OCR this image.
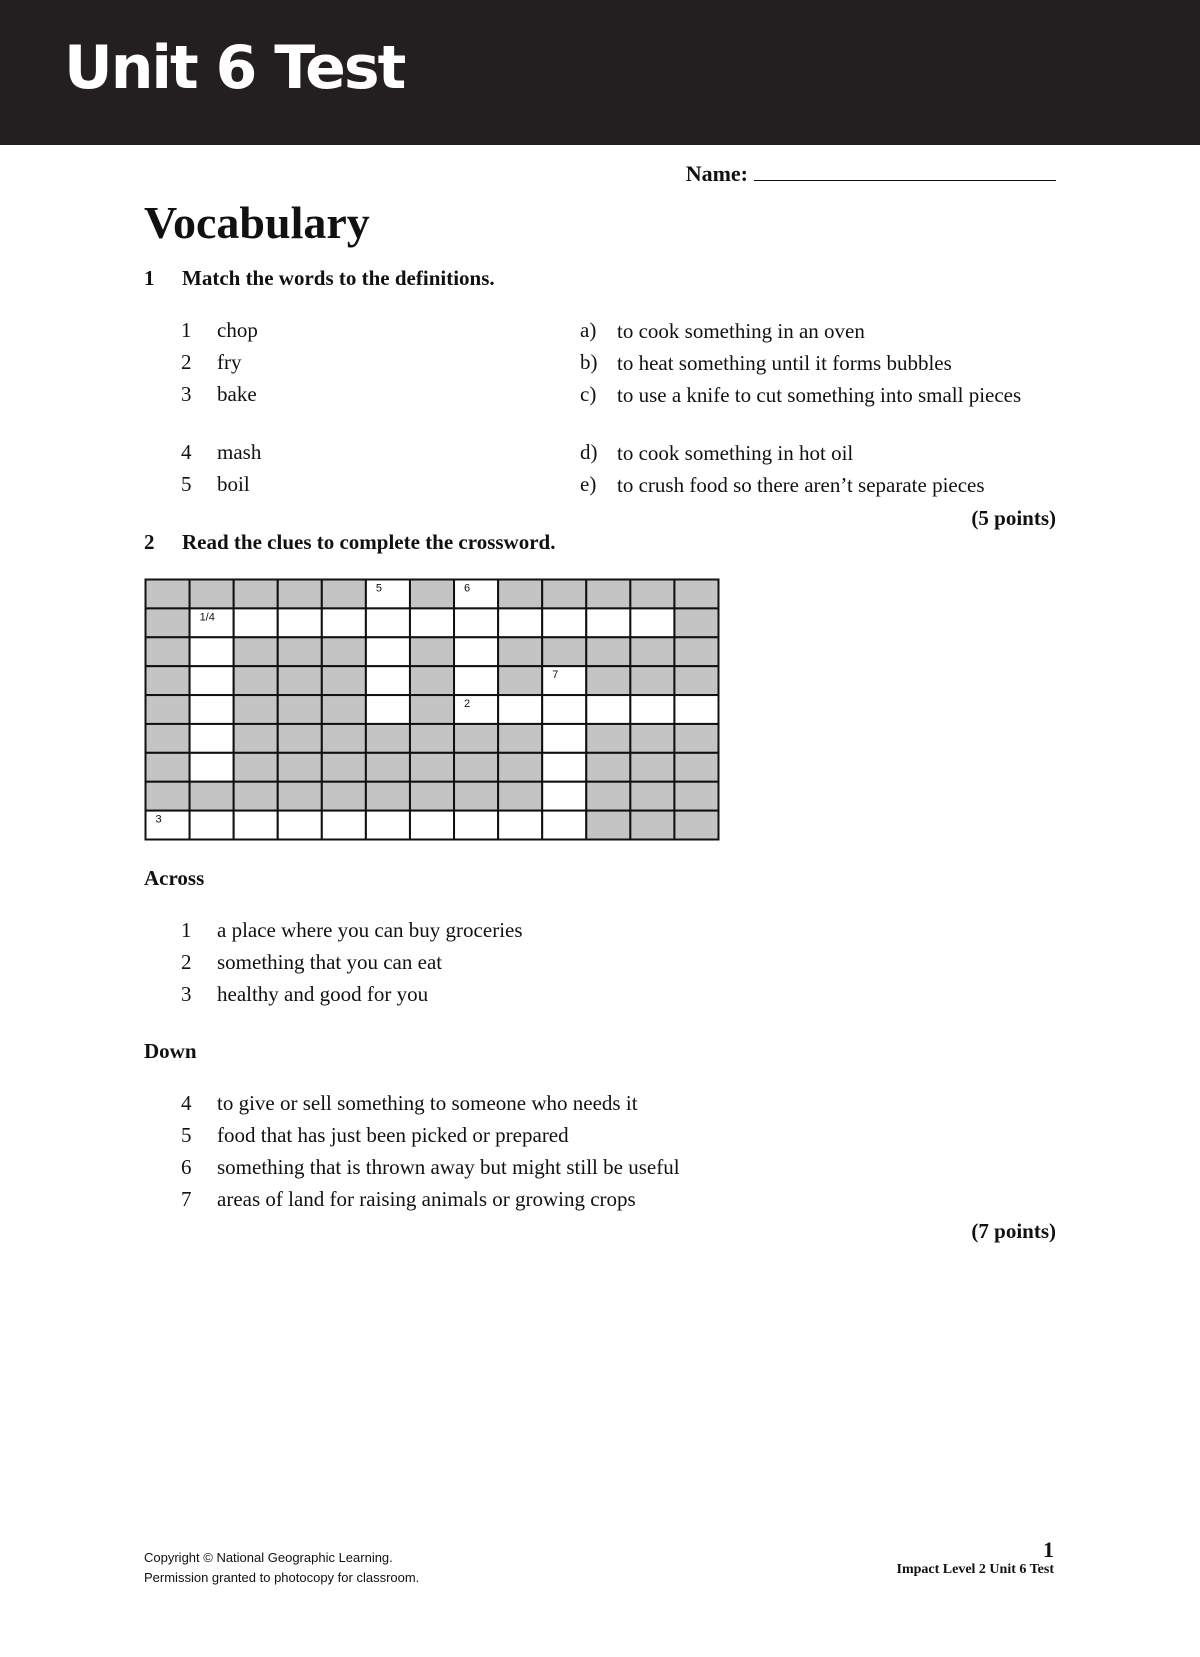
Unit 6 Test
Name:
Vocabulary
1 Match the words to the definitions.
1 chop
2 fry
3 bake
4 mash
5 boil
a) to cook something in an oven
b) to heat something until it forms bubbles
c) to use a knife to cut something into small pieces
d) to cook something in hot oil
e) to crush food so there aren’t separate pieces
(5 points)
2 Read the clues to complete the crossword.
5	6
1/4
7
2
3
Across
1 a place where you can buy groceries
2 something that you can eat
3 healthy and good for you
Down
4 to give or sell something to someone who needs it
5 food that has just been picked or prepared
6 something that is thrown away but might still be useful
7 areas of land for raising animals or growing crops
(7 points)
Copyright © National Geographic Learning.
Permission granted to photocopy for classroom.
1
Impact Level 2 Unit 6 Test
